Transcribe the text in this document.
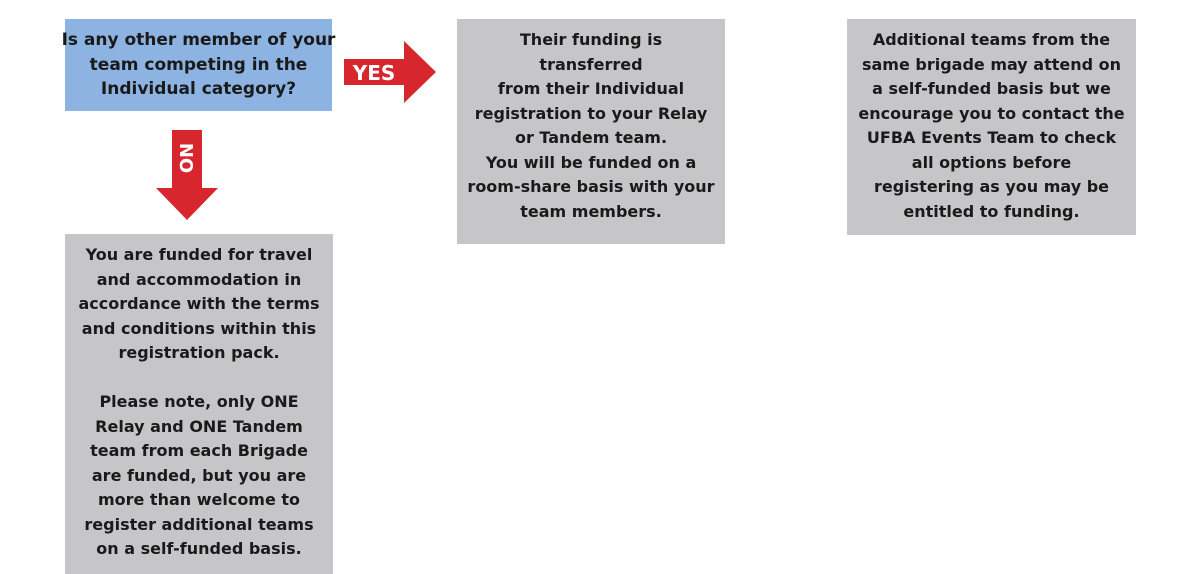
Is any other member of your
team competing in the
Individual category?
YES
NO
Their funding is
transferred
from their Individual
registration to your Relay
or Tandem team.
You will be funded on a
room-share basis with your
team members.
Additional teams from the
same brigade may attend on
a self-funded basis but we
encourage you to contact the
UFBA Events Team to check
all options before
registering as you may be
entitled to funding.
You are funded for travel
and accommodation in
accordance with the terms
and conditions within this
registration pack.
Please note, only ONE
Relay and ONE Tandem
team from each Brigade
are funded, but you are
more than welcome to
register additional teams
on a self-funded basis.
